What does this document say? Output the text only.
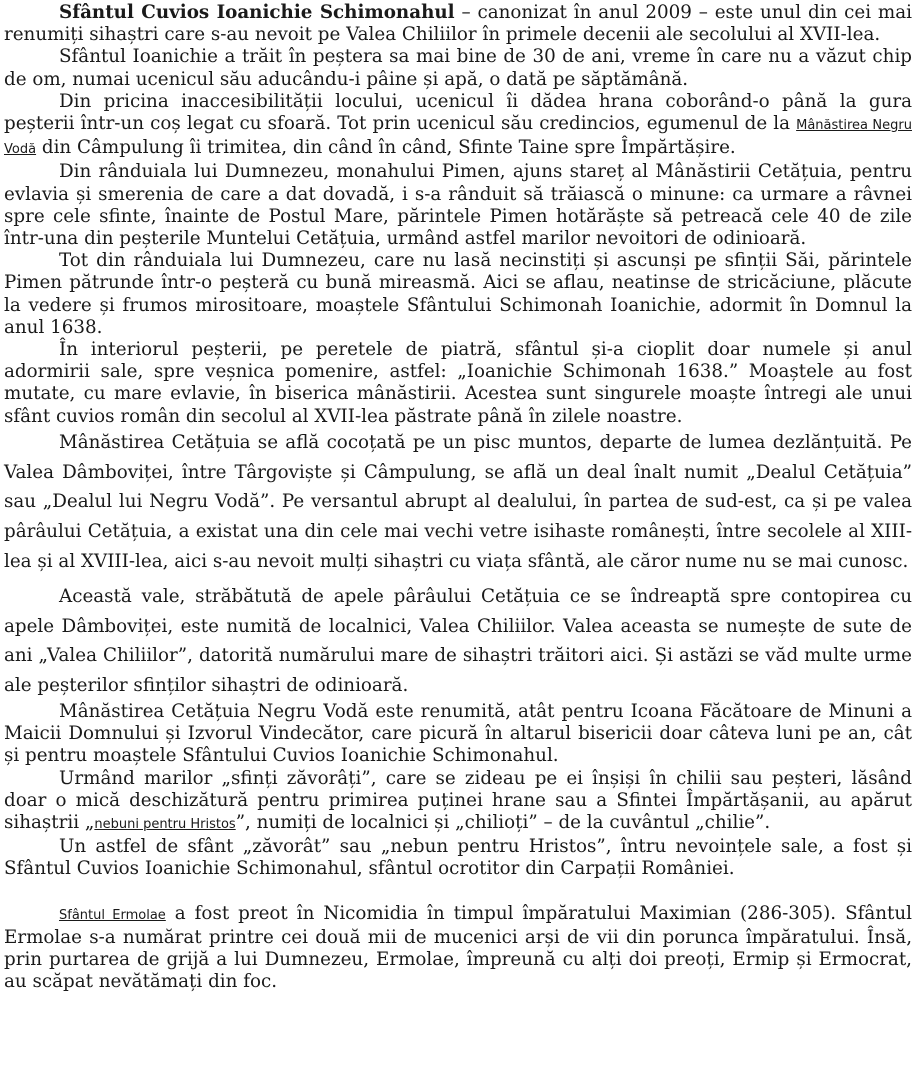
Sfântul Cuvios Ioanichie Schimonahul – canonizat în anul 2009 – este unul din cei mai renumiți sihaștri care s-au nevoit pe Valea Chiliilor în primele decenii ale secolului al XVII-lea.

Sfântul Ioanichie a trăit în peștera sa mai bine de 30 de ani, vreme în care nu a văzut chip de om, numai ucenicul său aducându-i pâine și apă, o dată pe săptămână.

Din pricina inaccesibilității locului, ucenicul îi dădea hrana coborând-o până la gura peșterii într-un coș legat cu sfoară. Tot prin ucenicul său credincios, egumenul de la Mânăstirea Negru Vodă din Câmpulung îi trimitea, din când în când, Sfinte Taine spre Împărtășire.

Din rânduiala lui Dumnezeu, monahului Pimen, ajuns stareț al Mânăstirii Cetățuia, pentru evlavia și smerenia de care a dat dovadă, i s-a rânduit să trăiască o minune: ca urmare a râvnei spre cele sfinte, înainte de Postul Mare, părintele Pimen hotărăște să petreacă cele 40 de zile într-una din peșterile Muntelui Cetățuia, urmând astfel marilor nevoitori de odinioară.

Tot din rânduiala lui Dumnezeu, care nu lasă necinstiți și ascunși pe sfinții Săi, părintele Pimen pătrunde într-o peșteră cu bună mireasmă. Aici se aflau, neatinse de stricăciune, plăcute la vedere și frumos mirositoare, moaștele Sfântului Schimonah Ioanichie, adormit în Domnul la anul 1638.

În interiorul peșterii, pe peretele de piatră, sfântul și-a cioplit doar numele și anul adormirii sale, spre veșnica pomenire, astfel: „Ioanichie Schimonah 1638.” Moaștele au fost mutate, cu mare evlavie, în biserica mânăstirii. Acestea sunt singurele moaște întregi ale unui sfânt cuvios român din secolul al XVII-lea păstrate până în zilele noastre.

Mânăstirea Cetățuia se află cocoțată pe un pisc muntos, departe de lumea dezlănțuită. Pe Valea Dâmboviței, între Târgoviște și Câmpulung, se află un deal înalt numit „Dealul Cetățuia” sau „Dealul lui Negru Vodă”. Pe versantul abrupt al dealului, în partea de sud-est, ca și pe valea pârâului Cetățuia, a existat una din cele mai vechi vetre isihaste românești, între secolele al XIII-lea și al XVIII-lea, aici s-au nevoit mulți sihaștri cu viața sfântă, ale căror nume nu se mai cunosc.

Această vale, străbătută de apele pârâului Cetățuia ce se îndreaptă spre contopirea cu apele Dâmboviței, este numită de localnici, Valea Chiliilor. Valea aceasta se numește de sute de ani „Valea Chiliilor”, datorită numărului mare de sihaștri trăitori aici. Și astăzi se văd multe urme ale peșterilor sfinților sihaștri de odinioară.

Mânăstirea Cetățuia Negru Vodă este renumită, atât pentru Icoana Făcătoare de Minuni a Maicii Domnului și Izvorul Vindecător, care picură în altarul bisericii doar câteva luni pe an, cât și pentru moaștele Sfântului Cuvios Ioanichie Schimonahul.

Urmând marilor „sfinți zăvorâți”, care se zideau pe ei înșiși în chilii sau peșteri, lăsând doar o mică deschizătură pentru primirea puținei hrane sau a Sfintei Împărtășanii, au apărut sihaștrii „nebuni pentru Hristos”, numiți de localnici și „chilioți” – de la cuvântul „chilie”.

Un astfel de sfânt „zăvorât” sau „nebun pentru Hristos”, întru nevoințele sale, a fost și Sfântul Cuvios Ioanichie Schimonahul, sfântul ocrotitor din Carpații României.

Sfântul Ermolae a fost preot în Nicomidia în timpul împăratului Maximian (286-305). Sfântul Ermolae s-a numărat printre cei două mii de mucenici arși de vii din porunca împăratului. Însă, prin purtarea de grijă a lui Dumnezeu, Ermolae, împreună cu alți doi preoți, Ermip și Ermocrat, au scăpat nevătămați din foc.
